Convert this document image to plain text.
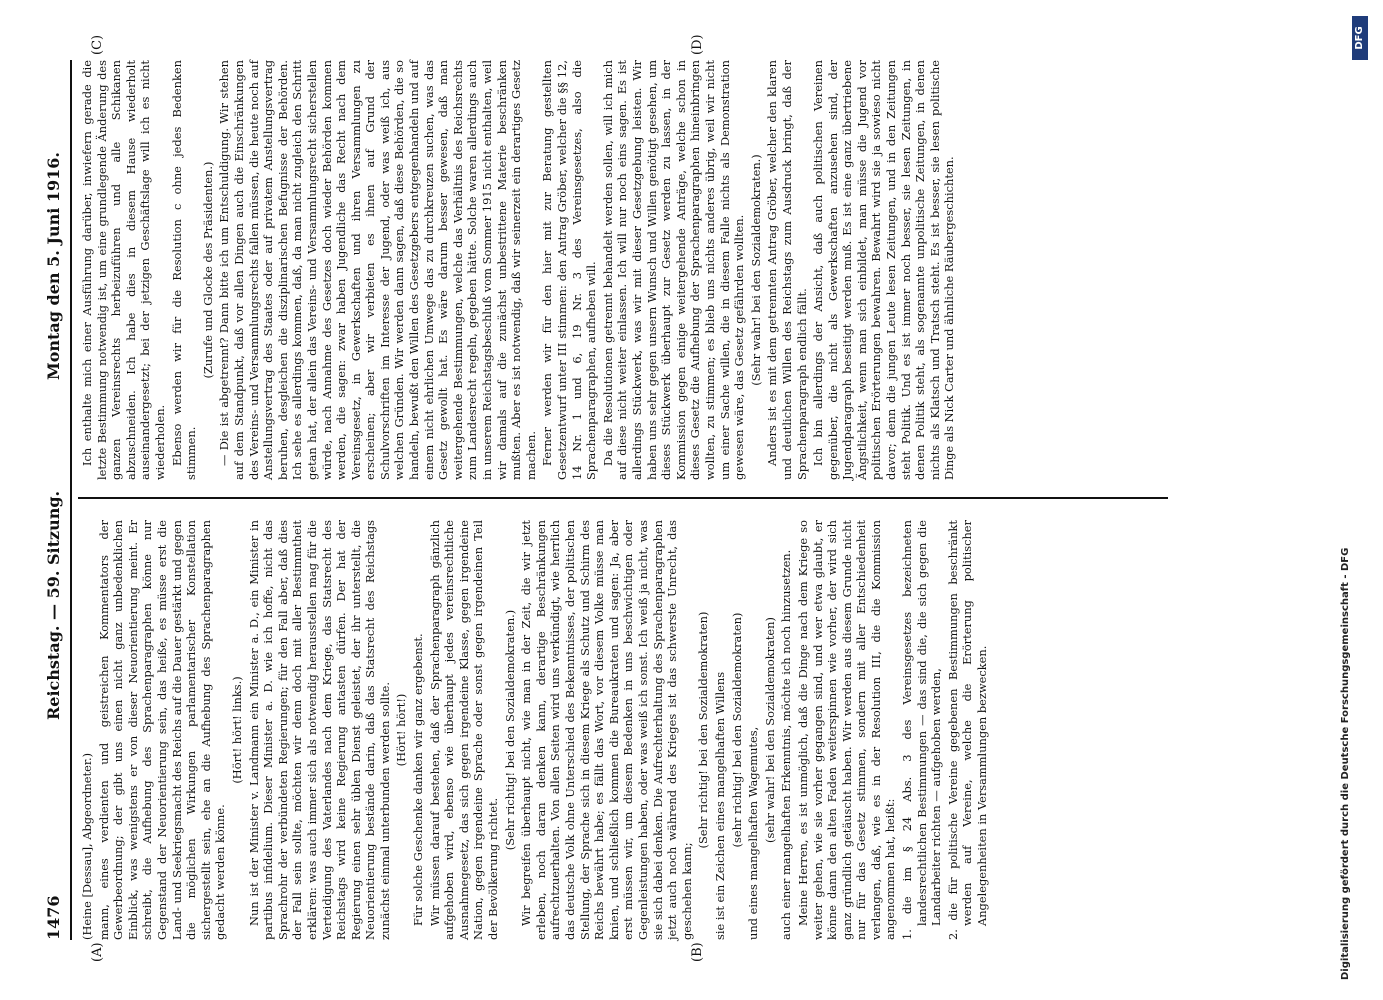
1476
Reichstag. — 59. Sitzung.
Montag den 5. Juni 1916.
(A)	(B)
(C)	(D)

(Heine [Dessau], Abgeordneter.) mann, eines verdienten und geistreichen Kommentators der Gewerbeordnung; der gibt uns einen nicht ganz unbedenklichen Einblick, was wenigstens er von dieser Neuorientierung meint. Er schreibt, die Aufhebung des Sprachenparagraphen könne nur Gegenstand der Neuorientierung sein, das heiße, es müsse erst die Land- und Seekriegsmacht des Reichs auf die Dauer gestärkt und gegen die möglichen Wirkungen parlamentarischer Konstellation sichergestellt sein, ehe an die Aufhebung des Sprachenparagraphen gedacht werden könne.

(Hört! hört! links.) Nun ist der Minister v. Landmann ein Minister a. D., ein Minister in partibus infidelium. Dieser Minister a. D. wie ich hoffe, nicht das Sprachrohr der verbündeten Regierungen; für den Fall aber, daß dies der Fall sein sollte, möchten wir denn doch mit aller Bestimmtheit erklären: was auch immer sich als notwendig herausstellen mag für die Verteidigung des Vaterlandes nach dem Kriege, das Statsrecht des Reichstags wird keine Regierung antasten dürfen. Der hat der Regierung einen sehr üblen Dienst geleistet, der ihr unterstellt, die Neuorientierung bestände darin, daß das Statsrecht des Reichstags zunächst einmal unterbunden werden sollte. (Hört! hört!) Für solche Geschenke danken wir ganz ergebenst. Wir müssen darauf bestehen, daß der Sprachenparagraph gänzlich aufgehoben wird, ebenso wie überhaupt jedes vereinsrechtliche Ausnahmegesetz, das sich gegen irgendeine Klasse, gegen irgendeine Nation, gegen irgendeine Sprache oder sonst gegen irgendeinen Teil der Bevölkerung richtet.

(Sehr richtig! bei den Sozialdemokraten.) Wir begreifen überhaupt nicht, wie man in der Zeit, die wir jetzt erleben, noch daran denken kann, derartige Beschränkungen aufrechtzuerhalten. Von allen Seiten wird uns verkündigt, wie herrlich das deutsche Volk ohne Unterschied des Bekenntnisses, der politischen Stellung, der Sprache sich in diesem Kriege als Schutz und Schirm des Reichs bewährt habe; es fällt das Wort, vor diesem Volke müsse man knien, und schließlich kommen die Bureaukraten und sagen: Ja, aber erst müssen wir, um diesem Bedenken in uns beschwichtigen oder Gegenleistungen haben, oder was weiß ich sonst. Ich weiß ja nicht, was sie sich dabei denken. Die Aufrechterhaltung des Sprachenparagraphen jetzt auch noch während des Krieges ist das schwerste Unrecht, das geschehen kann;

(Sehr richtig! bei den Sozialdemokraten) sie ist ein Zeichen eines mangelhaften Willens (sehr richtig! bei den Sozialdemokraten) und eines mangelhaften Wagemutes, (sehr wahr! bei den Sozialdemokraten) auch einer mangelhaften Erkenntnis, möchte ich noch hinzusetzen. Meine Herren, es ist unmöglich, daß die Dinge nach dem Kriege so weiter gehen, wie sie vorher gegangen sind, und wer etwa glaubt, er könne dann den alten Faden weiterspinnen wie vorher, der wird sich ganz gründlich getäuscht haben. Wir werden aus diesem Grunde nicht nur für das Gesetz stimmen, sondern mit aller Entschiedenheit verlangen, daß, wie es in der Resolution III, die die Kommission angenommen hat, heißt: 1. die im § 24 Abs. 3 des Vereinsgesetzes bezeichneten landesrechtlichen Bestimmungen — das sind die, die sich gegen die Landarbeiter richten — aufgehoben werden, 2. die für politische Vereine gegebenen Bestimmungen beschränkt werden auf Vereine, welche die Erörterung politischer Angelegenheiten in Versammlungen bezwecken.

Ich enthalte mich einer Ausführung darüber, inwiefern gerade die letzte Bestimmung notwendig ist, um eine grundlegende Änderung des ganzen Vereinsrechts herbeizuführen und alle Schikanen abzuschneiden. Ich habe dies in diesem Hause wiederholt auseinandergesetzt; bei der jetzigen Geschäftslage will ich es nicht wiederholen. Ebenso werden wir für die Resolution c ohne jedes Bedenken stimmen.

(Zurufe und Glocke des Präsidenten.) — Die ist abgetrennt? Dann bitte ich um Entschuldigung. Wir stehen auf dem Standpunkt, daß vor allen Dingen auch die Einschränkungen des Vereins- und Versammlungsrechts fallen müssen, die heute noch auf Anstellungsvertrag des Staates oder auf privatem Anstellungsvertrag beruhen, desgleichen die disziplinarischen Befugnisse der Behörden. Ich sehe es allerdings kommen, daß, da man nicht zugleich den Schritt getan hat, der allein das Vereins- und Versammlungsrecht sicherstellen würde, nach Annahme des Gesetzes doch wieder Behörden kommen werden, die sagen: zwar haben Jugendliche das Recht nach dem Vereinsgesetz, in Gewerkschaften und ihren Versammlungen zu erscheinen; aber wir verbieten es ihnen auf Grund der Schulvorschriften im Interesse der Jugend, oder was weiß ich, aus welchen Gründen. Wir werden dann sagen, daß diese Behörden, die so handeln, bewußt den Willen des Gesetzgebers entgegenhandeln und auf einem nicht ehrlichen Umwege das zu durchkreuzen suchen, was das Gesetz gewollt hat. Es wäre darum besser gewesen, daß man weitergehende Bestimmungen, welche das Verhältnis des Reichsrechts zum Landesrecht regeln, gegeben hätte. Solche waren allerdings auch in unserem Reichstagsbeschluß vom Sommer 1915 nicht enthalten, weil wir damals auf die zunächst unbestrittene Materie beschränken mußten. Aber es ist notwendig, daß wir seinerzeit ein derartiges Gesetz machen. Ferner werden wir für den hier mit zur Beratung gestellten Gesetzentwurf unter III stimmen: den Antrag Gröber, welcher die §§ 12, 14 Nr. 1 und 6, 19 Nr. 3 des Vereinsgesetzes, also die Sprachenparagraphen, aufheben will. Da die Resolutionen getrennt behandelt werden sollen, will ich mich auf diese nicht weiter einlassen. Ich will nur noch eins sagen. Es ist allerdings Stückwerk, was wir mit dieser Gesetzgebung leisten. Wir haben uns sehr gegen unsern Wunsch und Willen genötigt gesehen, um dieses Stückwerk überhaupt zur Gesetz werden zu lassen, in der Kommission gegen einige weitergehende Anträge, welche schon in dieses Gesetz die Aufhebung der Sprachenparagraphen hineinbringen wollten, zu stimmen; es blieb uns nichts anderes übrig, weil wir nicht um einer Sache willen, die in diesem Falle nichts als Demonstration gewesen wäre, das Gesetz gefährden wollten. (Sehr wahr! bei den Sozialdemokraten.) Anders ist es mit dem getrennten Antrag Gröber, welcher den klaren und deutlichen Willen des Reichstags zum Ausdruck bringt, daß der Sprachenparagraph endlich fällt. Ich bin allerdings der Ansicht, daß auch politischen Vereinen gegenüber, die nicht als Gewerkschaften anzusehen sind, der Jugendparagraph beseitigt werden muß. Es ist eine ganz übertriebene Ängstlichkeit, wenn man sich einbildet, man müsse die Jugend vor politischen Erörterungen bewahren. Bewahrt wird sie ja sowieso nicht davor; denn die jungen Leute lesen Zeitungen, und in den Zeitungen steht Politik. Und es ist immer noch besser, sie lesen Zeitungen, in denen Politik steht, als sogenannte unpolitische Zeitungen, in denen nichts als Klatsch und Tratsch steht. Es ist besser, sie lesen politische Dinge als Nick Carter und ähnliche Räubergeschichten.

Digitalisierung gefördert durch die Deutsche Forschungsgemeinschaft - DFG
DFG
